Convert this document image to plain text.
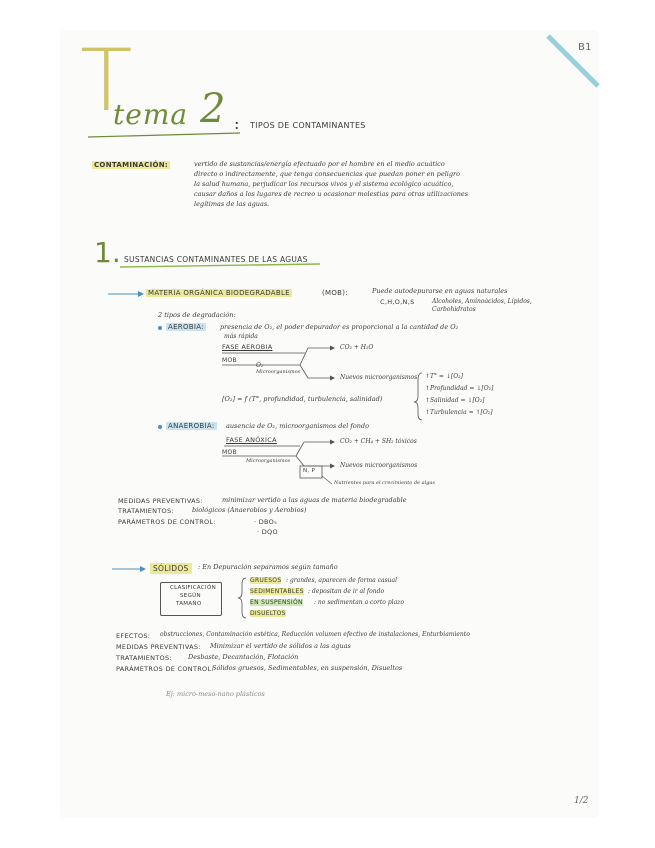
B1
T
tema 2 : TIPOS DE CONTAMINANTES
CONTAMINACIÓN:	vertido de sustancias/energía efectuado por el hombre en el medio acuático
directo o indirectamente, que tenga consecuencias que puedan poner en peligro
la salud humana, perjudicar los recursos vivos y el sistema ecológico acuático,
causar daños a los lugares de recreo u ocasionar molestias para otras utilizaciones
legítimas de las aguas.
1. SUSTANCIAS CONTAMINANTES DE LAS AGUAS
MATERIA ORGÁNICA BIODEGRADABLE	(MOB):	Puede autodepurarse en aguas naturales
C,H,O,N,S	Alcoholes, Aminoácidos, Lípidos,
Carbohidratos
2 tipos de degradación:
AEROBIA:	presencia de O₂, el poder depurador es proporcional a la cantidad de O₂
más rápida
FASE AEROBIA
MOB
O₂
Microorganismos
CO₂ + H₂O
Nuevos microorganismos
[O₂] = f (T°, profundidad, turbulencia, salinidad)
↑T° = ↓[O₂]
↑Profundidad = ↓[O₂]
↑Salinidad = ↓[O₂]
↑Turbulencia = ↑[O₂]
ANAEROBIA:	ausencia de O₂, microorganismos del fondo
FASE ANÓXICA
MOB
Microorganismos
CO₂ + CH₄ + SH₂ tóxicos
Nuevos microorganismos
N, P
Nutrientes para el crecimiento de algas
MEDIDAS PREVENTIVAS:	minimizar vertido a las aguas de materia biodegradable
TRATAMIENTOS:	biológicos (Anaerobios y Aerobios)
PARÁMETROS DE CONTROL:	· DBO₅
· DQO
SÓLIDOS	: En Depuración separamos según tamaño
CLASIFICACIÓN
SEGÚN
TAMAÑO
GRUESOS : grandes, aparecen de forma casual
SEDIMENTABLES : depositan de ir al fondo
EN SUSPENSIÓN : no sedimentan a corto plazo
DISUELTOS
EFECTOS: obstrucciones, Contaminación estética, Reducción volumen efectivo de instalaciones, Enturbiamiento
MEDIDAS PREVENTIVAS: Minimizar el vertido de sólidos a las aguas
TRATAMIENTOS: Desbaste, Decantación, Flotación
PARÁMETROS DE CONTROL:
Sólidos gruesos, Sedimentables, en suspensión, Disueltos
Ej: micro-meso-nano plásticos
1/2
